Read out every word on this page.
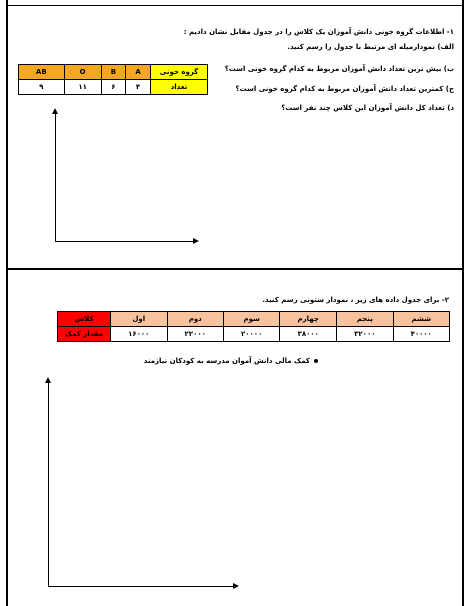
۱- اطلاعات گروه خونی دانش آموزان یک کلاس را در جدول مقابل نشان دادیم :
الف) نمودارمیله ای مرتبط با جدول را رسم کنید.
گروه خونی	A	B	O	AB
تعداد	۴	۶	۱۱	۹
ب) بیش ترین تعداد دانش آموزان مربوط به کدام گروه خونی است؟
ج) کمترین تعداد دانش آموزان مربوط به کدام گروه خونی است؟
د) تعداد کل دانش آموزان این کلاس چند نفر است؟
۲- برای جدول داده های زیر ، نمودار ستونی رسم کنید.
ششم	پنجم	چهارم	سوم	دوم	اول	کلاس
۴۰۰۰۰	۳۲۰۰۰	۳۸۰۰۰	۲۰۰۰۰	۲۲۰۰۰	۱۶۰۰۰	مقدار کمک
کمک مالی دانش آموان مدرسه به کودکان نیازمند
